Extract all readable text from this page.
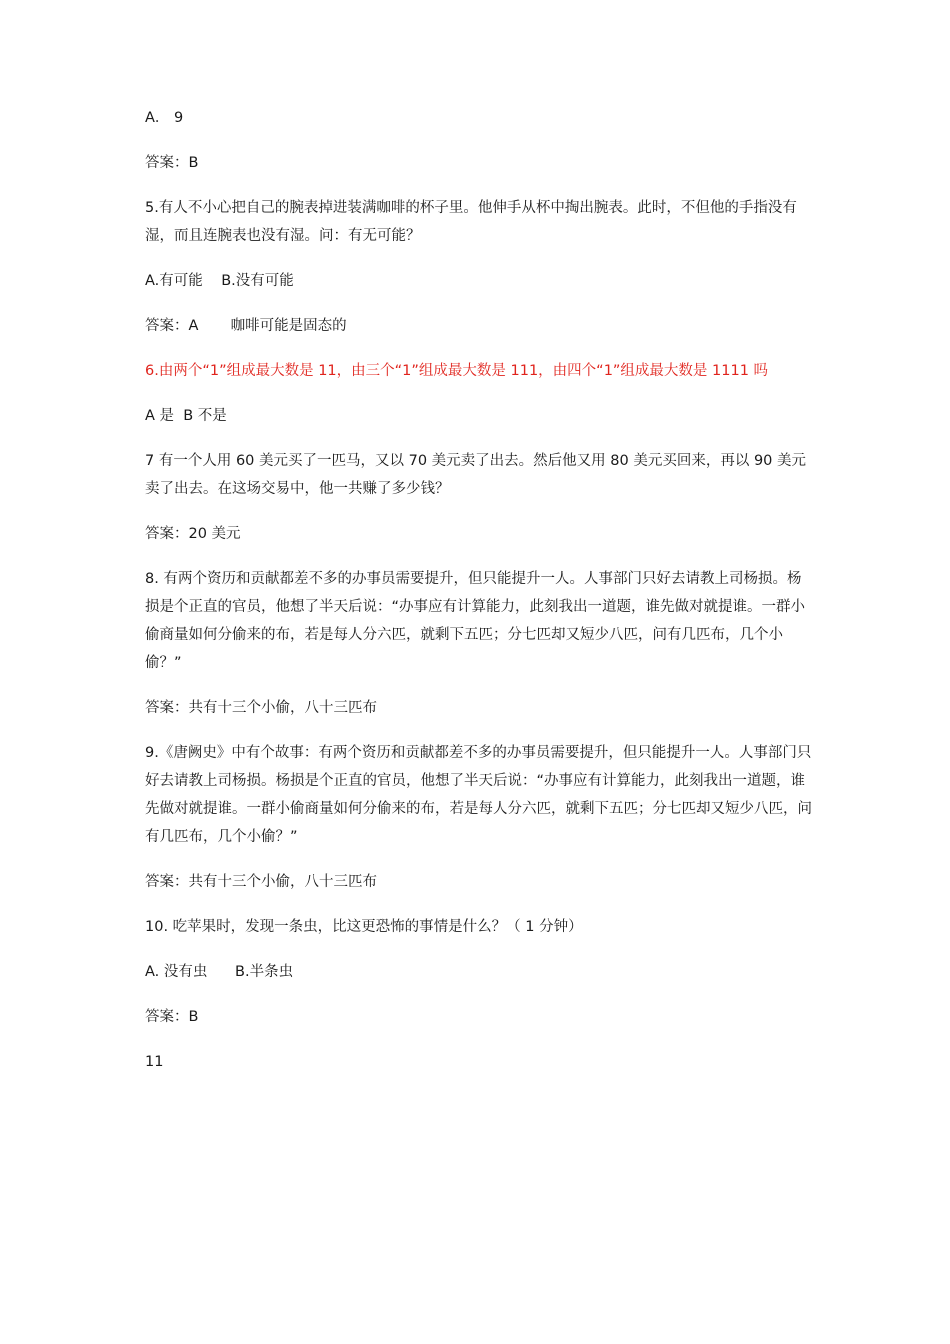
A． 9

答案：B

5.有人不小心把自己的腕表掉进装满咖啡的杯子里。他伸手从杯中掏出腕表。此时，不但他的手指没有湿，而且连腕表也没有湿。问：有无可能？

A.有可能    B.没有可能

答案：A       咖啡可能是固态的

6.由两个“1”组成最大数是 11，由三个“1”组成最大数是 111，由四个“1”组成最大数是 1111 吗

A 是  B 不是

7 有一个人用 60 美元买了一匹马，又以 70 美元卖了出去。然后他又用 80 美元买回来，再以 90 美元卖了出去。在这场交易中，他一共赚了多少钱？

答案：20 美元

8. 有两个资历和贡献都差不多的办事员需要提升，但只能提升一人。人事部门只好去请教上司杨损。杨损是个正直的官员，他想了半天后说：“办事应有计算能力，此刻我出一道题，谁先做对就提谁。一群小偷商量如何分偷来的布，若是每人分六匹，就剩下五匹；分七匹却又短少八匹，问有几匹布，几个小偷？”

答案：共有十三个小偷，八十三匹布

9.《唐阙史》中有个故事：有两个资历和贡献都差不多的办事员需要提升，但只能提升一人。人事部门只好去请教上司杨损。杨损是个正直的官员，他想了半天后说：“办事应有计算能力，此刻我出一道题，谁先做对就提谁。一群小偷商量如何分偷来的布，若是每人分六匹，就剩下五匹；分七匹却又短少八匹，问有几匹布，几个小偷？”

答案：共有十三个小偷，八十三匹布

10. 吃苹果时，发现一条虫，比这更恐怖的事情是什么？（ 1 分钟）

A. 没有虫      B.半条虫

答案：B

11
